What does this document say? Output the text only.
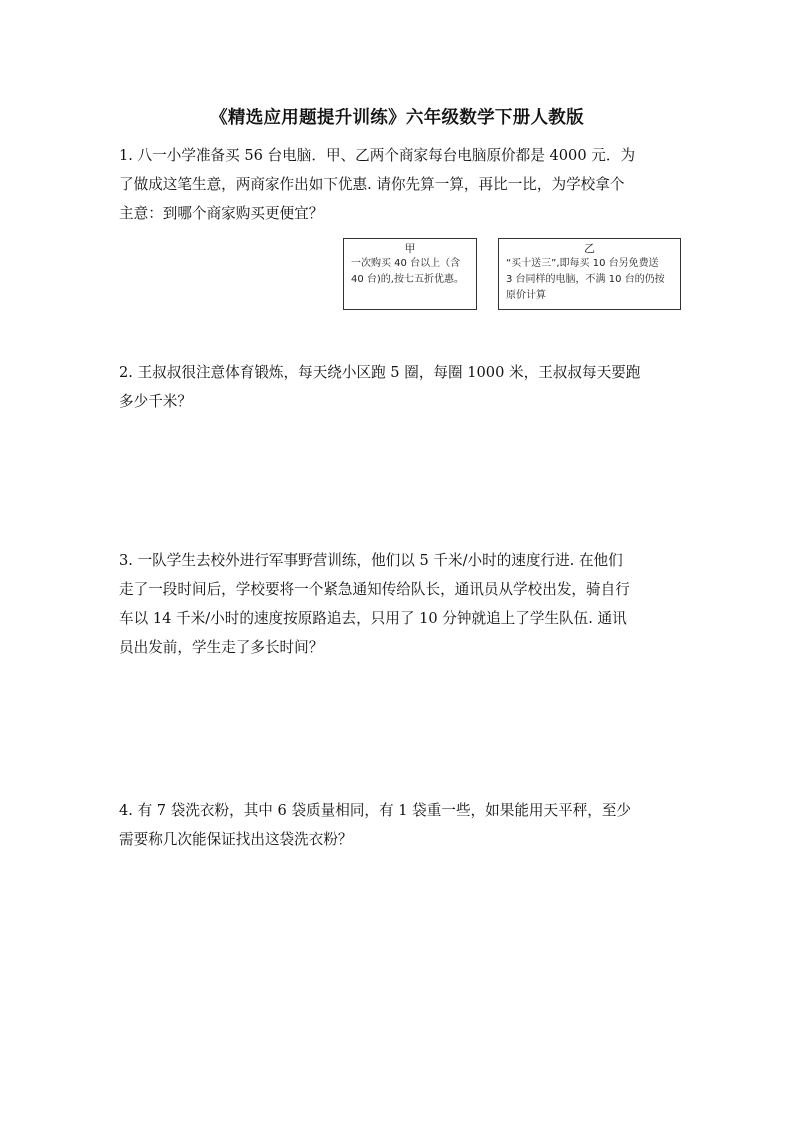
《精选应用题提升训练》六年级数学下册人教版
1. 八一小学准备买 56 台电脑．甲、乙两个商家每台电脑原价都是 4000 元．为
了做成这笔生意，两商家作出如下优惠. 请你先算一算，再比一比，为学校拿个
主意：到哪个商家购买更便宜？
甲
一次购买 40 台以上（含
40 台)的,按七五折优惠。
乙
“买十送三”,即每买 10 台另免费送
3 台同样的电脑，不满 10 台的仍按
原价计算
2. 王叔叔很注意体育锻炼，每天绕小区跑 5 圈，每圈 1000 米，王叔叔每天要跑
多少千米？
3. 一队学生去校外进行军事野营训练，他们以 5 千米/小时的速度行进. 在他们
走了一段时间后，学校要将一个紧急通知传给队长，通讯员从学校出发，骑自行
车以 14 千米/小时的速度按原路追去，只用了 10 分钟就追上了学生队伍. 通讯
员出发前，学生走了多长时间？
4. 有 7 袋洗衣粉，其中 6 袋质量相同，有 1 袋重一些，如果能用天平秤，至少
需要称几次能保证找出这袋洗衣粉？
